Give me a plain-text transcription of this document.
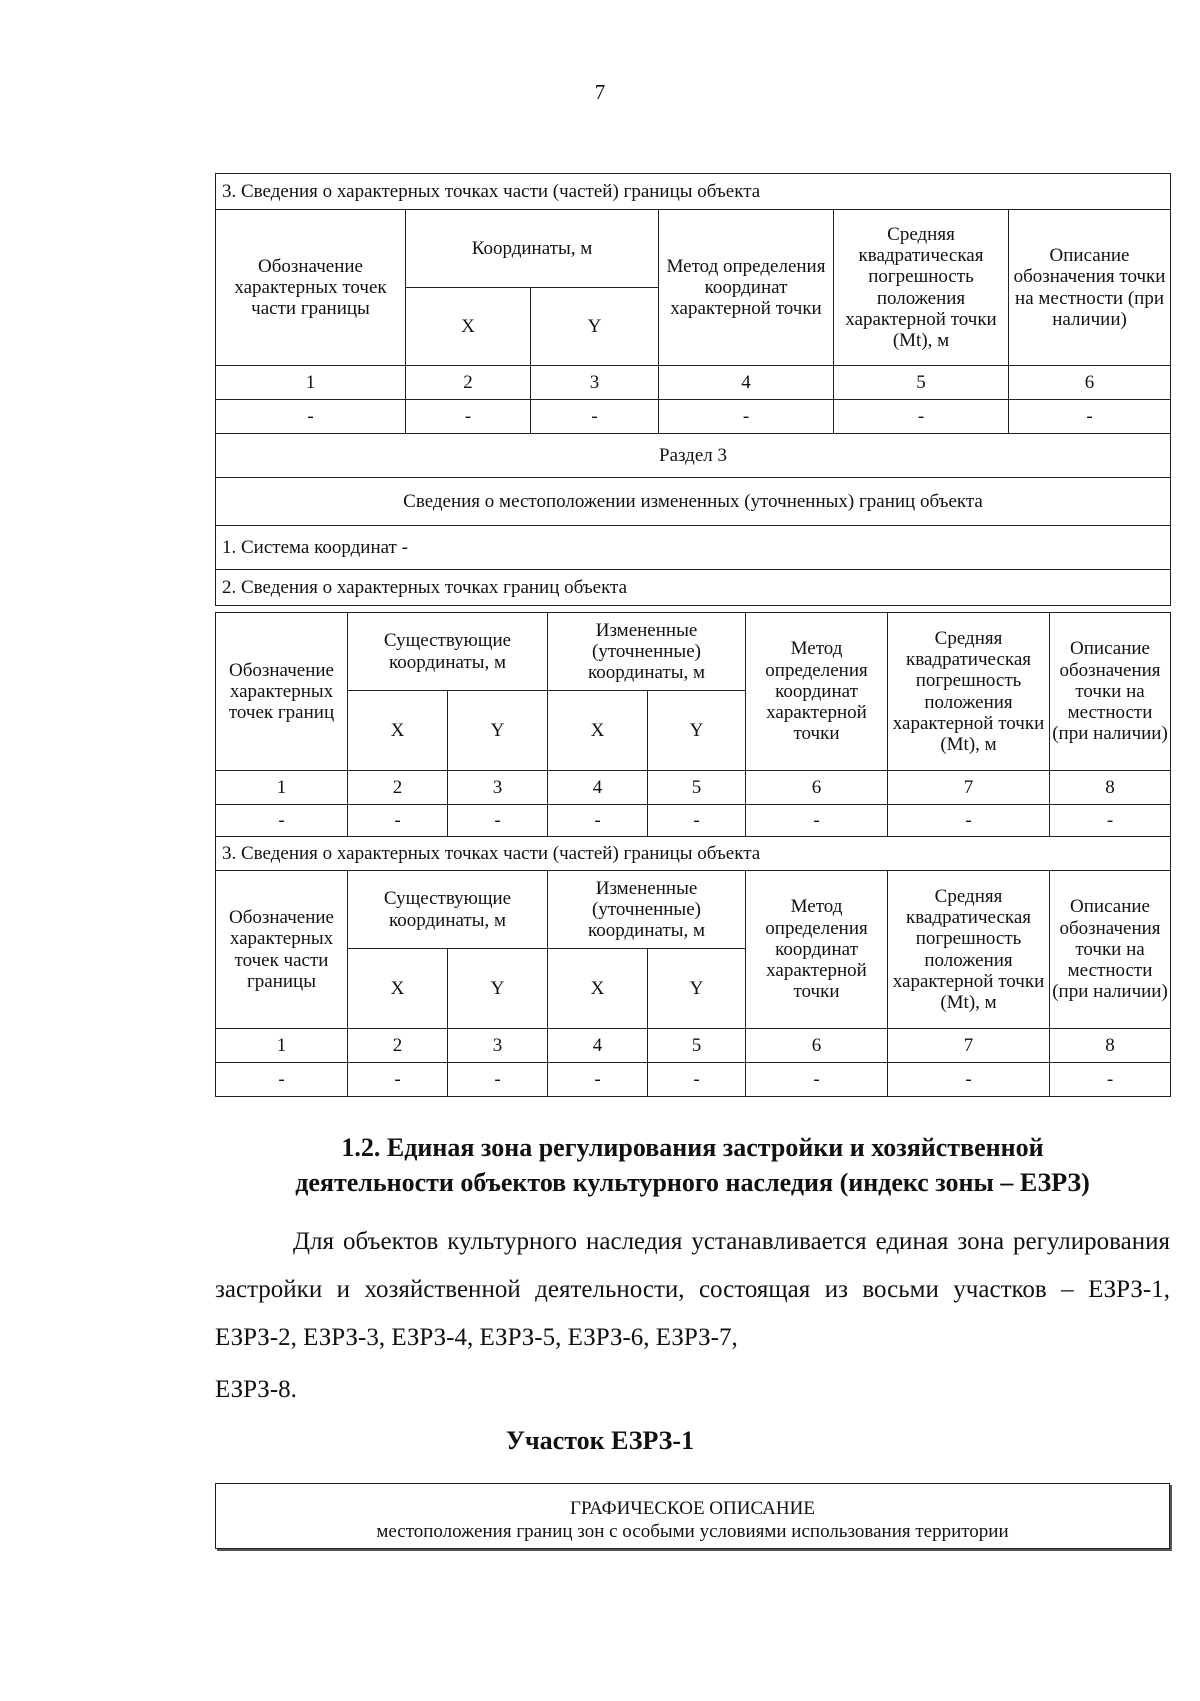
7
3. Сведения о характерных точках части (частей) границы объекта					
Обозначение характерных точек части границы	Координаты, м		Метод определения координат характерной точки	Средняя квадратическая погрешность положения характерной точки (Mt), м	Описание обозначения точки на местности (при наличии)
	X	Y			
1	2	3	4	5	6
-	-	-	-	-	-
Раздел 3					
Сведения о местоположении измененных (уточненных) границ объекта					
1. Система координат -					
2. Сведения о характерных точках границ объекта					
Обозначение характерных точек границ	Существующие координаты, м		Измененные (уточненные) координаты, м		Метод определения координат характерной точки	Средняя квадратическая погрешность положения характерной точки (Mt), м	Описание обозначения точки на местности (при наличии)
	X	Y	X	Y			
1	2	3	4	5	6	7	8
-	-	-	-	-	-	-	-
3. Сведения о характерных точках части (частей) границы объекта							
Обозначение характерных точек части границы	Существующие координаты, м		Измененные (уточненные) координаты, м		Метод определения координат характерной точки	Средняя квадратическая погрешность положения характерной точки (Mt), м	Описание обозначения точки на местности (при наличии)
	X	Y	X	Y			
1	2	3	4	5	6	7	8
-	-	-	-	-	-	-	-
1.2. Единая зона регулирования застройки и хозяйственной
деятельности объектов культурного наследия (индекс зоны – ЕЗРЗ)
Для объектов культурного наследия устанавливается единая зона регулирования застройки и хозяйственной деятельности, состоящая из восьми участков – ЕЗРЗ-1, ЕЗРЗ-2, ЕЗРЗ-3, ЕЗРЗ-4, ЕЗРЗ-5, ЕЗРЗ-6, ЕЗРЗ-7,
ЕЗРЗ-8.
Участок ЕЗРЗ-1
ГРАФИЧЕСКОЕ ОПИСАНИЕ
местоположения границ зон с особыми условиями использования территории
